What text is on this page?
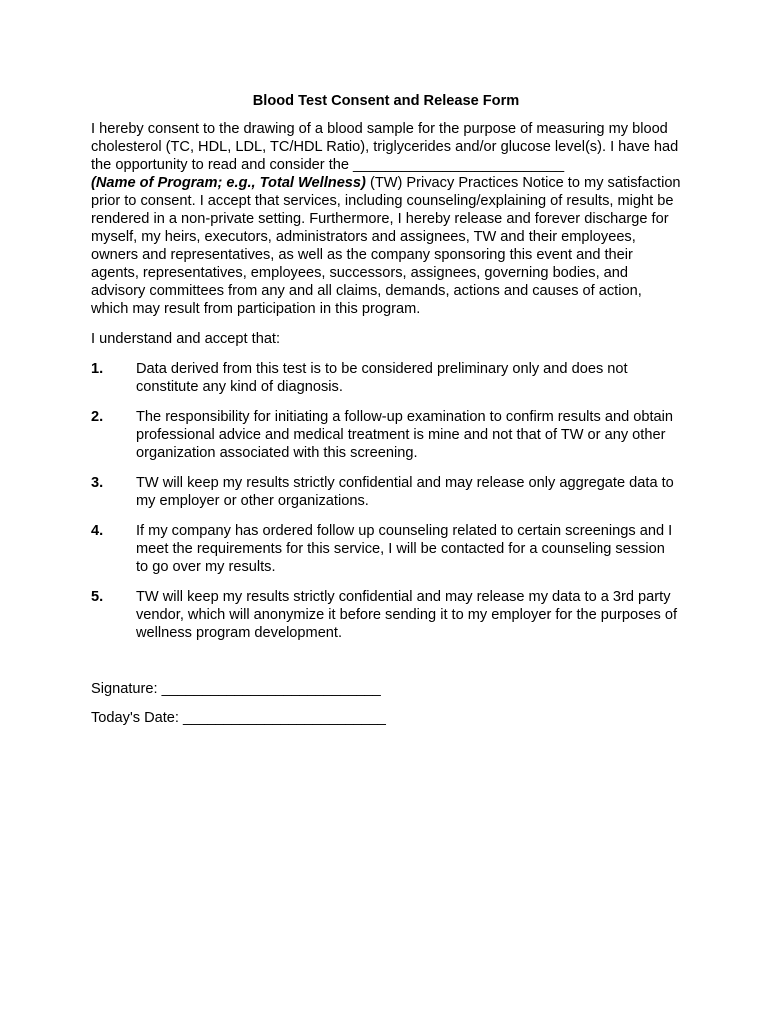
Blood Test Consent and Release Form

I hereby consent to the drawing of a blood sample for the purpose of measuring my blood cholesterol (TC, HDL, LDL, TC/HDL Ratio), triglycerides and/or glucose level(s). I have had the opportunity to read and consider the __________________________
(Name of Program; e.g., Total Wellness) (TW) Privacy Practices Notice to my satisfaction prior to consent. I accept that services, including counseling/explaining of results, might be rendered in a non-private setting. Furthermore, I hereby release and forever discharge for myself, my heirs, executors, administrators and assignees, TW and their employees, owners and representatives, as well as the company sponsoring this event and their agents, representatives, employees, successors, assignees, governing bodies, and advisory committees from any and all claims, demands, actions and causes of action, which may result from participation in this program.

I understand and accept that:

1.	Data derived from this test is to be considered preliminary only and does not constitute any kind of diagnosis.
2.	The responsibility for initiating a follow-up examination to confirm results and obtain professional advice and medical treatment is mine and not that of TW or any other organization associated with this screening.
3.	TW will keep my results strictly confidential and may release only aggregate data to my employer or other organizations.
4.	If my company has ordered follow up counseling related to certain screenings and I meet the requirements for this service, I will be contacted for a counseling session to go over my results.
5.	TW will keep my results strictly confidential and may release my data to a 3rd party vendor, which will anonymize it before sending it to my employer for the purposes of wellness program development.
Signature: ___________________________
Today's Date: _________________________
